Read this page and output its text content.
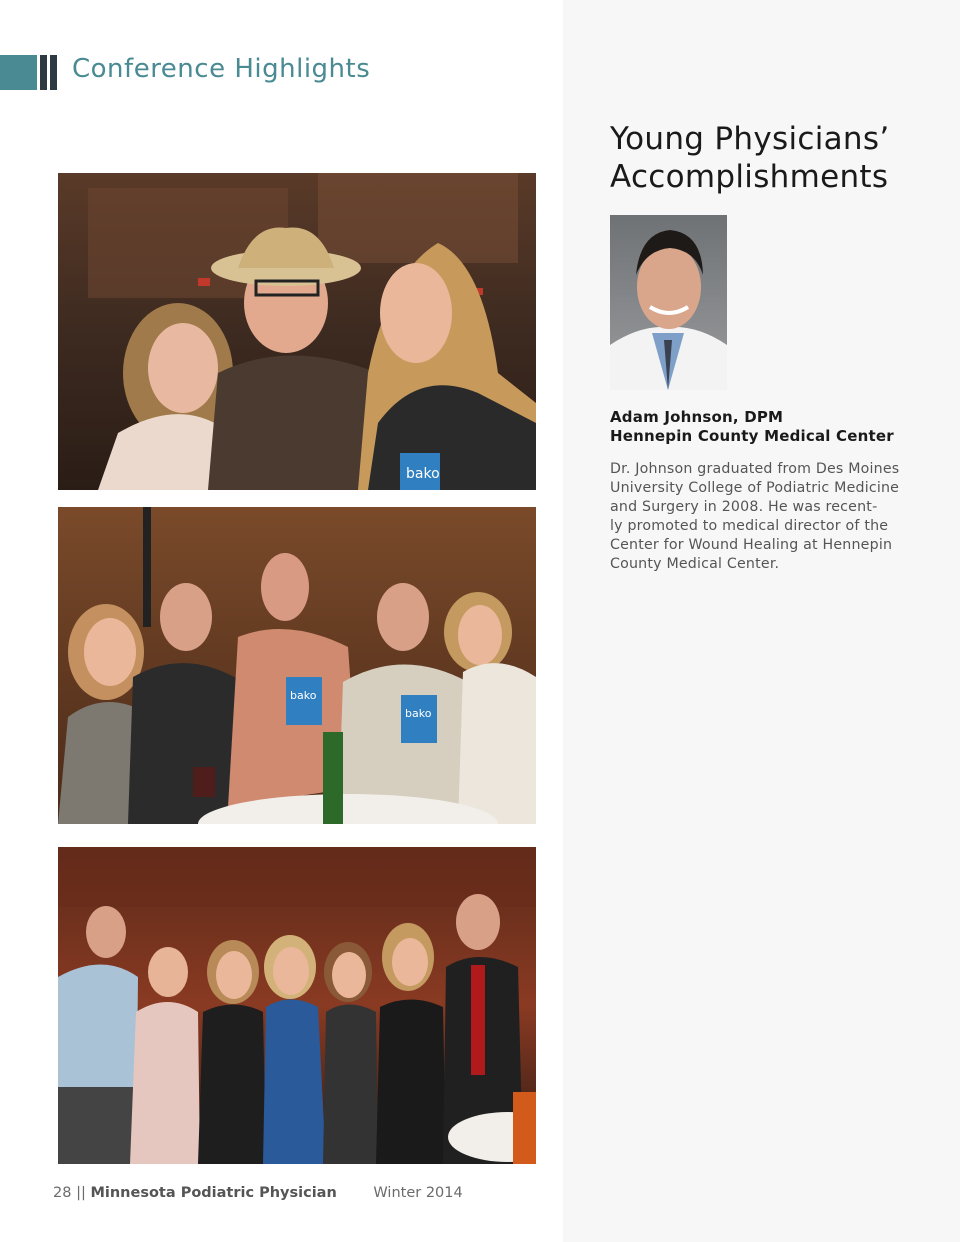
Conference Highlights
bako
bako
bako
Young Physicians’
Accomplishments
Adam Johnson, DPM
Hennepin County Medical Center
Dr. Johnson graduated from Des Moines
University College of Podiatric Medicine
and Surgery in 2008. He was recent-
ly promoted to medical director of the
Center for Wound Healing at Hennepin
County Medical Center.
28 || Minnesota Podiatric Physician	Winter 2014
